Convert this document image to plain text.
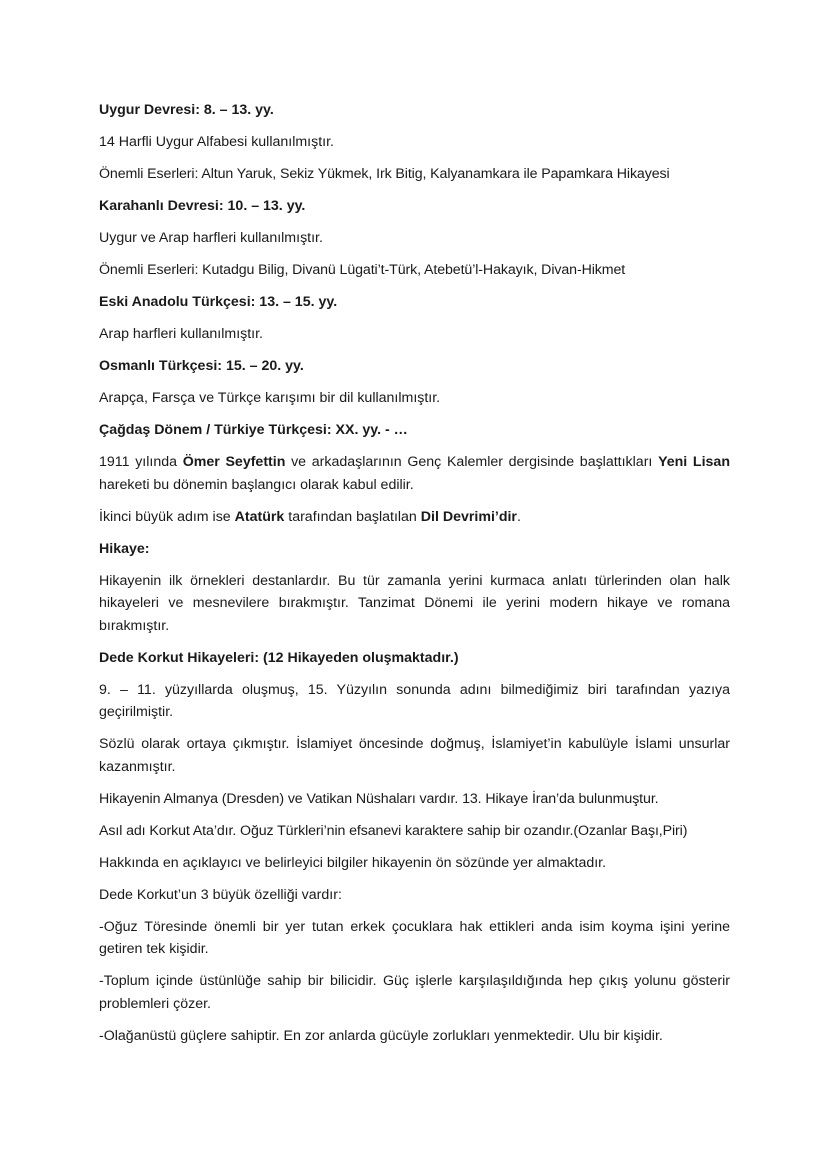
Uygur Devresi: 8. – 13. yy.

14 Harfli Uygur Alfabesi kullanılmıştır.

Önemli Eserleri: Altun Yaruk, Sekiz Yükmek, Irk Bitig, Kalyanamkara ile Papamkara Hikayesi

Karahanlı Devresi: 10. – 13. yy.

Uygur ve Arap harfleri kullanılmıştır.

Önemli Eserleri: Kutadgu Bilig, Divanü Lügati’t-Türk, Atebetü’l-Hakayık, Divan-Hikmet

Eski Anadolu Türkçesi: 13. – 15. yy.

Arap harfleri kullanılmıştır.

Osmanlı Türkçesi: 15. – 20. yy.

Arapça, Farsça ve Türkçe karışımı bir dil kullanılmıştır.

Çağdaş Dönem / Türkiye Türkçesi: XX. yy. - …

1911 yılında Ömer Seyfettin ve arkadaşlarının Genç Kalemler dergisinde başlattıkları Yeni Lisan hareketi bu dönemin başlangıcı olarak kabul edilir.

İkinci büyük adım ise Atatürk tarafından başlatılan Dil Devrimi’dir.

Hikaye:

Hikayenin ilk örnekleri destanlardır. Bu tür zamanla yerini kurmaca anlatı türlerinden olan halk hikayeleri ve mesnevilere bırakmıştır. Tanzimat Dönemi ile yerini modern hikaye ve romana bırakmıştır.

Dede Korkut Hikayeleri: (12 Hikayeden oluşmaktadır.)

9. – 11. yüzyıllarda oluşmuş, 15. Yüzyılın sonunda adını bilmediğimiz biri tarafından yazıya geçirilmiştir.

Sözlü olarak ortaya çıkmıştır. İslamiyet öncesinde doğmuş, İslamiyet’in kabulüyle İslami unsurlar kazanmıştır.

Hikayenin Almanya (Dresden) ve Vatikan Nüshaları vardır. 13. Hikaye İran’da bulunmuştur.

Asıl adı Korkut Ata’dır. Oğuz Türkleri’nin efsanevi karaktere sahip bir ozandır.(Ozanlar Başı,Piri)

Hakkında en açıklayıcı ve belirleyici bilgiler hikayenin ön sözünde yer almaktadır.

Dede Korkut’un 3 büyük özelliği vardır:

-Oğuz Töresinde önemli bir yer tutan erkek çocuklara hak ettikleri anda isim koyma işini yerine getiren tek kişidir.

-Toplum içinde üstünlüğe sahip bir bilicidir. Güç işlerle karşılaşıldığında hep çıkış yolunu gösterir problemleri çözer.

-Olağanüstü güçlere sahiptir. En zor anlarda gücüyle zorlukları yenmektedir. Ulu bir kişidir.
